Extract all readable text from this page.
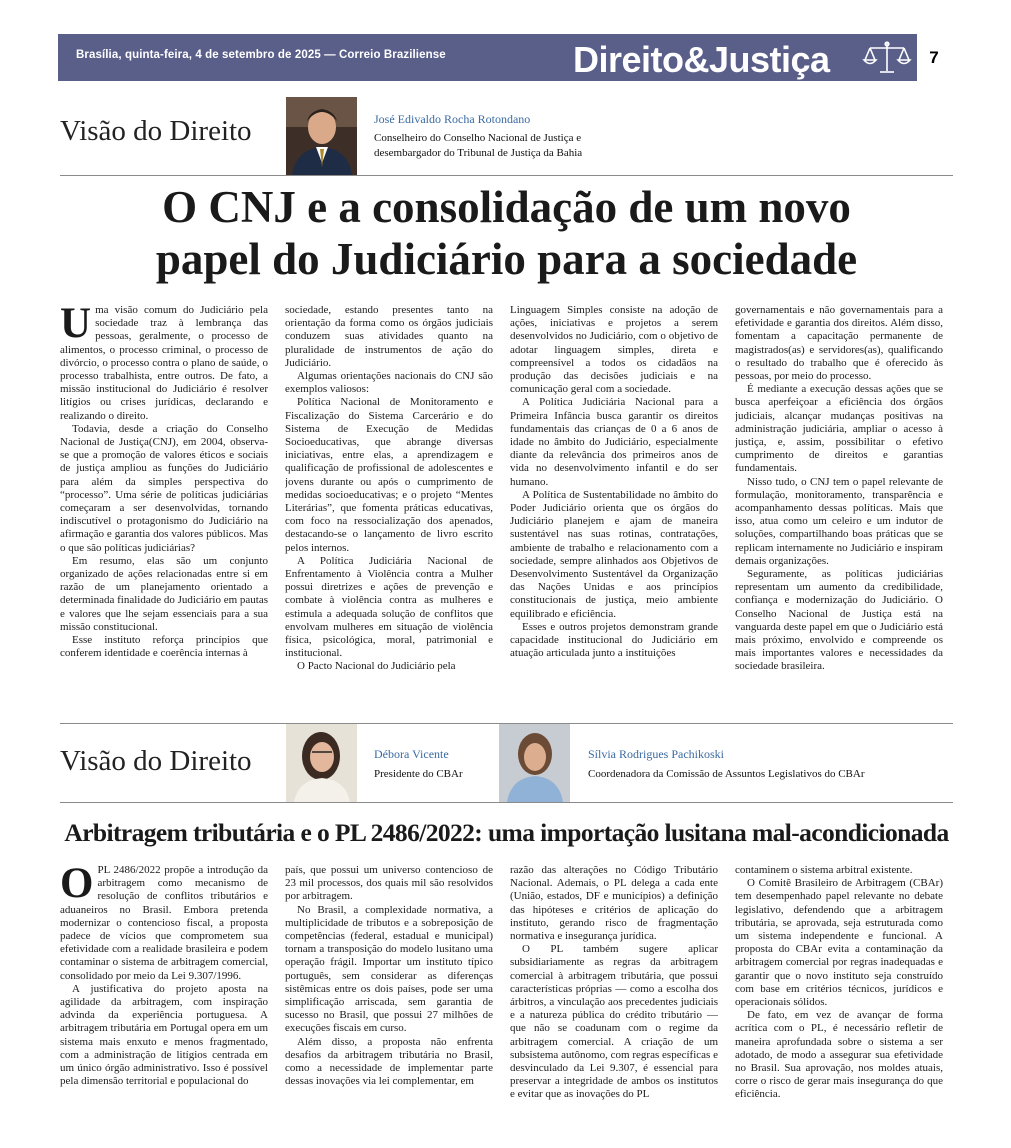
Brasília, quinta-feira, 4 de setembro de 2025 — Correio Braziliense	Direito&Justiça	7
Visão do Direito	José Edivaldo Rocha Rotondano
Conselheiro do Conselho Nacional de Justiça e desembargador do Tribunal de Justiça da Bahia
O CNJ e a consolidação de um novo
papel do Judiciário para a sociedade

Uma visão comum do Judiciário pela sociedade traz à lembrança das pessoas, geralmente, o processo de alimentos, o processo criminal, o processo de divórcio, o processo contra o plano de saúde, o processo trabalhista, entre outros. De fato, a missão institucional do Judiciário é resolver litígios ou crises jurídicas, declarando e realizando o direito.

Todavia, desde a criação do Conselho Nacional de Justiça(CNJ), em 2004, observa-se que a promoção de valores éticos e sociais de justiça ampliou as funções do Judiciário para além da simples perspectiva do “processo”. Uma série de políticas judiciárias começaram a ser desenvolvidas, tornando indiscutível o protagonismo do Judiciário na afirmação e garantia dos valores públicos. Mas o que são políticas judiciárias?

Em resumo, elas são um conjunto organizado de ações relacionadas entre si em razão de um planejamento orientado a determinada finalidade do Judiciário em pautas e valores que lhe sejam essenciais para a sua missão constitucional.

Esse instituto reforça princípios que conferem identidade e coerência internas à

sociedade, estando presentes tanto na orientação da forma como os órgãos judiciais conduzem suas atividades quanto na pluralidade de instrumentos de ação do Judiciário.

Algumas orientações nacionais do CNJ são exemplos valiosos:

Política Nacional de Monitoramento e Fiscalização do Sistema Carcerário e do Sistema de Execução de Medidas Socioeducativas, que abrange diversas iniciativas, entre elas, a aprendizagem e qualificação de profissional de adolescentes e jovens durante ou após o cumprimento de medidas socioeducativas; e o projeto “Mentes Literárias”, que fomenta práticas educativas, com foco na ressocialização dos apenados, destacando-se o lançamento de livro escrito pelos internos.

A Política Judiciária Nacional de Enfrentamento à Violência contra a Mulher possui diretrizes e ações de prevenção e combate à violência contra as mulheres e estimula a adequada solução de conflitos que envolvam mulheres em situação de violência física, psicológica, moral, patrimonial e institucional.

O Pacto Nacional do Judiciário pela

Linguagem Simples consiste na adoção de ações, iniciativas e projetos a serem desenvolvidos no Judiciário, com o objetivo de adotar linguagem simples, direta e compreensível a todos os cidadãos na produção das decisões judiciais e na comunicação geral com a sociedade.

A Política Judiciária Nacional para a Primeira Infância busca garantir os direitos fundamentais das crianças de 0 a 6 anos de idade no âmbito do Judiciário, especialmente diante da relevância dos primeiros anos de vida no desenvolvimento infantil e do ser humano.

A Política de Sustentabilidade no âmbito do Poder Judiciário orienta que os órgãos do Judiciário planejem e ajam de maneira sustentável nas suas rotinas, contratações, ambiente de trabalho e relacionamento com a sociedade, sempre alinhados aos Objetivos de Desenvolvimento Sustentável da Organização das Nações Unidas e aos princípios constitucionais de justiça, meio ambiente equilibrado e eficiência.

Esses e outros projetos demonstram grande capacidade institucional do Judiciário em atuação articulada junto a instituições

governamentais e não governamentais para a efetividade e garantia dos direitos. Além disso, fomentam a capacitação permanente de magistrados(as) e servidores(as), qualificando o resultado do trabalho que é oferecido às pessoas, por meio do processo.

É mediante a execução dessas ações que se busca aperfeiçoar a eficiência dos órgãos judiciais, alcançar mudanças positivas na administração judiciária, ampliar o acesso à justiça, e, assim, possibilitar o efetivo cumprimento de direitos e garantias fundamentais.

Nisso tudo, o CNJ tem o papel relevante de formulação, monitoramento, transparência e acompanhamento dessas políticas. Mais que isso, atua como um celeiro e um indutor de soluções, compartilhando boas práticas que se replicam internamente no Judiciário e inspiram demais organizações.

Seguramente, as políticas judiciárias representam um aumento da credibilidade, confiança e modernização do Judiciário. O Conselho Nacional de Justiça está na vanguarda deste papel em que o Judiciário está mais próximo, envolvido e compreende os mais importantes valores e necessidades da sociedade brasileira.

Visão do Direito	Débora Vicente
Presidente do CBAr
Sílvia Rodrigues Pachikoski
Coordenadora da Comissão de Assuntos Legislativos do CBAr
Arbitragem tributária e o PL 2486/2022: uma importação lusitana mal-acondicionada

OPL 2486/2022 propõe a introdução da arbitragem como mecanismo de resolução de conflitos tributários e aduaneiros no Brasil. Embora pretenda modernizar o contencioso fiscal, a proposta padece de vícios que comprometem sua efetividade com a realidade brasileira e podem contaminar o sistema de arbitragem comercial, consolidado por meio da Lei 9.307/1996.

A justificativa do projeto aposta na agilidade da arbitragem, com inspiração advinda da experiência portuguesa. A arbitragem tributária em Portugal opera em um sistema mais enxuto e menos fragmentado, com a administração de litígios centrada em um único órgão administrativo. Isso é possível pela dimensão territorial e populacional do

país, que possui um universo contencioso de 23 mil processos, dos quais mil são resolvidos por arbitragem.

No Brasil, a complexidade normativa, a multiplicidade de tributos e a sobreposição de competências (federal, estadual e municipal) tornam a transposição do modelo lusitano uma operação frágil. Importar um instituto típico português, sem considerar as diferenças sistêmicas entre os dois países, pode ser uma simplificação arriscada, sem garantia de sucesso no Brasil, que possui 27 milhões de execuções fiscais em curso.

Além disso, a proposta não enfrenta desafios da arbitragem tributária no Brasil, como a necessidade de implementar parte dessas inovações via lei complementar, em

razão das alterações no Código Tributário Nacional. Ademais, o PL delega a cada ente (União, estados, DF e municípios) a definição das hipóteses e critérios de aplicação do instituto, gerando risco de fragmentação normativa e insegurança jurídica.

O PL também sugere aplicar subsidiariamente as regras da arbitragem comercial à arbitragem tributária, que possui características próprias — como a escolha dos árbitros, a vinculação aos precedentes judiciais e a natureza pública do crédito tributário — que não se coadunam com o regime da arbitragem comercial. A criação de um subsistema autônomo, com regras específicas e desvinculado da Lei 9.307, é essencial para preservar a integridade de ambos os institutos e evitar que as inovações do PL

contaminem o sistema arbitral existente.

O Comitê Brasileiro de Arbitragem (CBAr) tem desempenhado papel relevante no debate legislativo, defendendo que a arbitragem tributária, se aprovada, seja estruturada como um sistema independente e funcional. A proposta do CBAr evita a contaminação da arbitragem comercial por regras inadequadas e garantir que o novo instituto seja construído com base em critérios técnicos, jurídicos e operacionais sólidos.

De fato, em vez de avançar de forma acrítica com o PL, é necessário refletir de maneira aprofundada sobre o sistema a ser adotado, de modo a assegurar sua efetividade no Brasil. Sua aprovação, nos moldes atuais, corre o risco de gerar mais insegurança do que eficiência.
